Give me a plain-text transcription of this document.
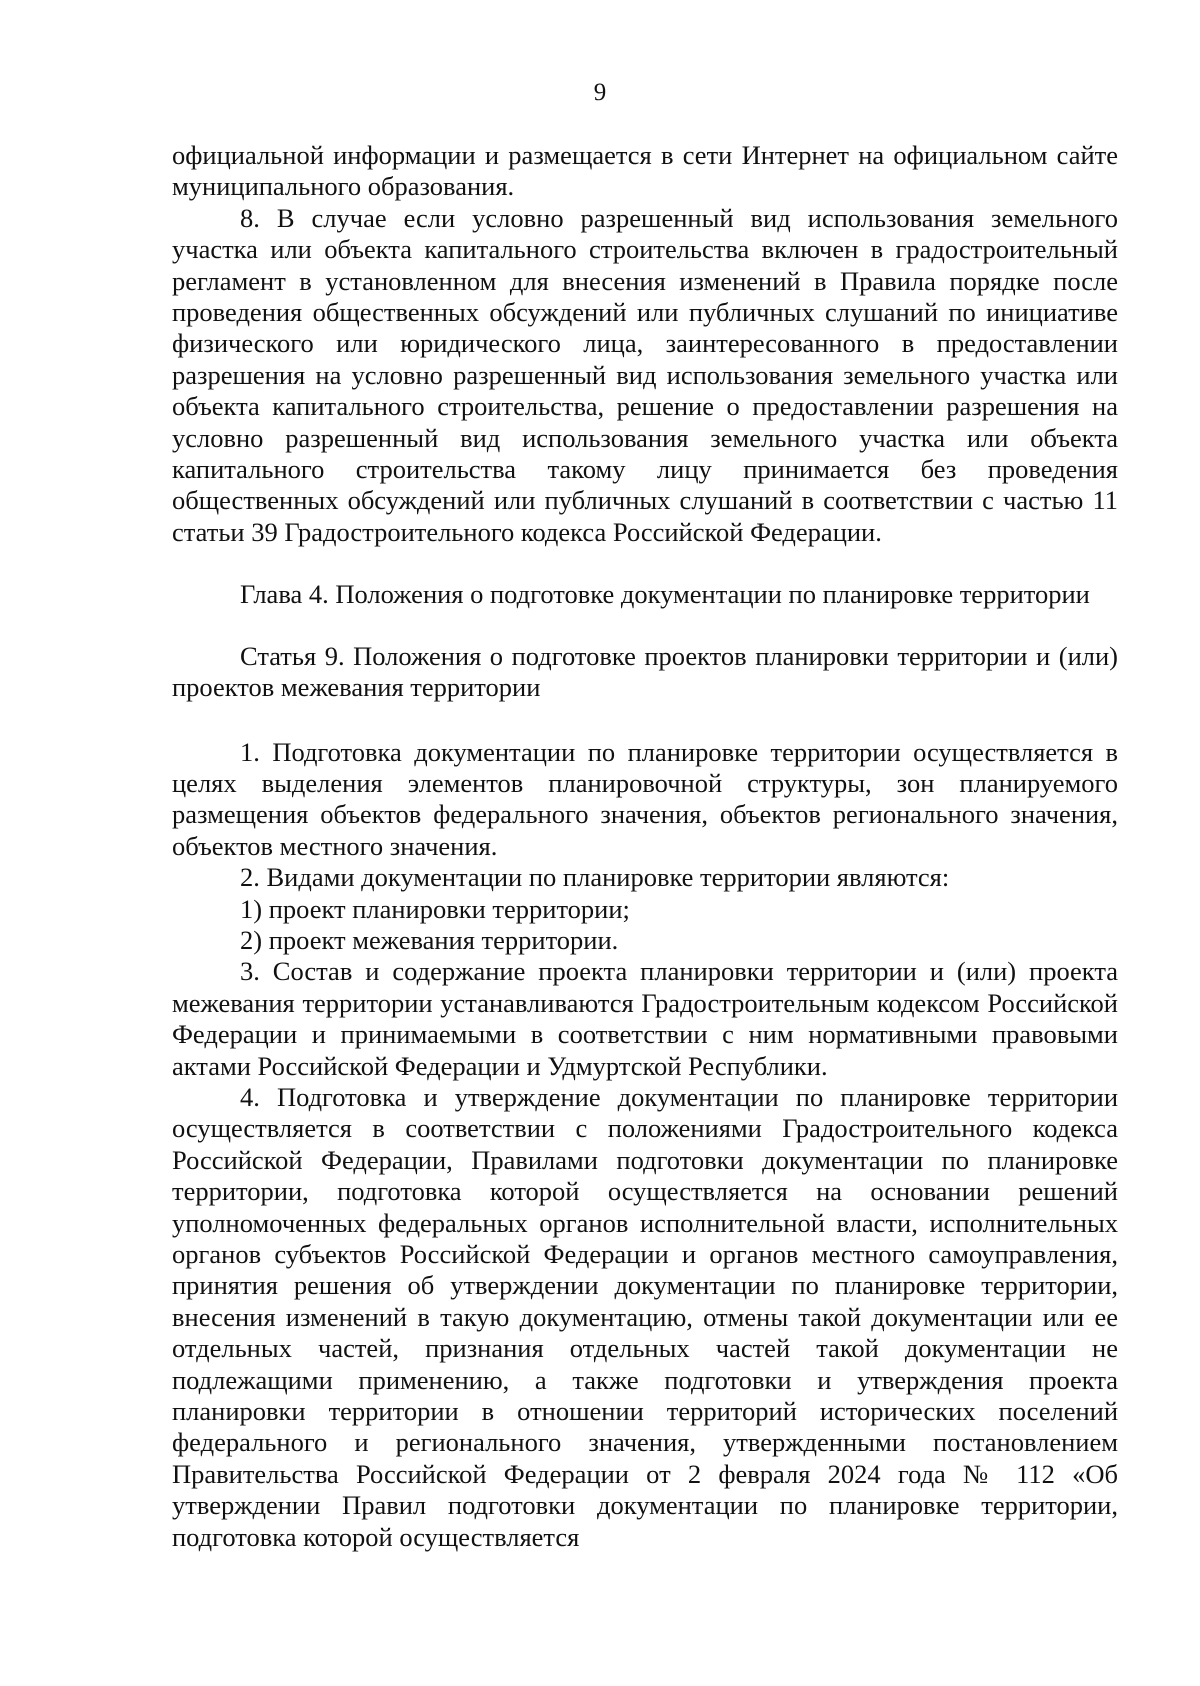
9

официальной информации и размещается в сети Интернет на официальном сайте муниципального образования.

8. В случае если условно разрешенный вид использования земельного участка или объекта капитального строительства включен в градостроительный регламент в установленном для внесения изменений в Правила порядке после проведения общественных обсуждений или публичных слушаний по инициативе физического или юридического лица, заинтересованного в предоставлении разрешения на условно разрешенный вид использования земельного участка или объекта капитального строительства, решение о предоставлении разрешения на условно разрешенный вид использования земельного участка или объекта капитального строительства такому лицу принимается без проведения общественных обсуждений или публичных слушаний в соответствии с частью 11 статьи 39 Градостроительного кодекса Российской Федерации.

Глава 4. Положения о подготовке документации по планировке территории

Статья 9. Положения о подготовке проектов планировки территории и (или) проектов межевания территории

1. Подготовка документации по планировке территории осуществляется в целях выделения элементов планировочной структуры, зон планируемого размещения объектов федерального значения, объектов регионального значения, объектов местного значения.

2. Видами документации по планировке территории являются:

1) проект планировки территории;

2) проект межевания территории.

3. Состав и содержание проекта планировки территории и (или) проекта межевания территории устанавливаются Градостроительным кодексом Российской Федерации и принимаемыми в соответствии с ним нормативными правовыми актами Российской Федерации и Удмуртской Республики.

4. Подготовка и утверждение документации по планировке территории осуществляется в соответствии с положениями Градостроительного кодекса Российской Федерации, Правилами подготовки документации по планировке территории, подготовка которой осуществляется на основании решений уполномоченных федеральных органов исполнительной власти, исполнительных органов субъектов Российской Федерации и органов местного самоуправления, принятия решения об утверждении документации по планировке территории, внесения изменений в такую документацию, отмены такой документации или ее отдельных частей, признания отдельных частей такой документации не подлежащими применению, а также подготовки и утверждения проекта планировки территории в отношении территорий исторических поселений федерального и регионального значения, утвержденными постановлением Правительства Российской Федерации от 2 февраля 2024 года № 112 «Об утверждении Правил подготовки документации по планировке территории, подготовка которой осуществляется
